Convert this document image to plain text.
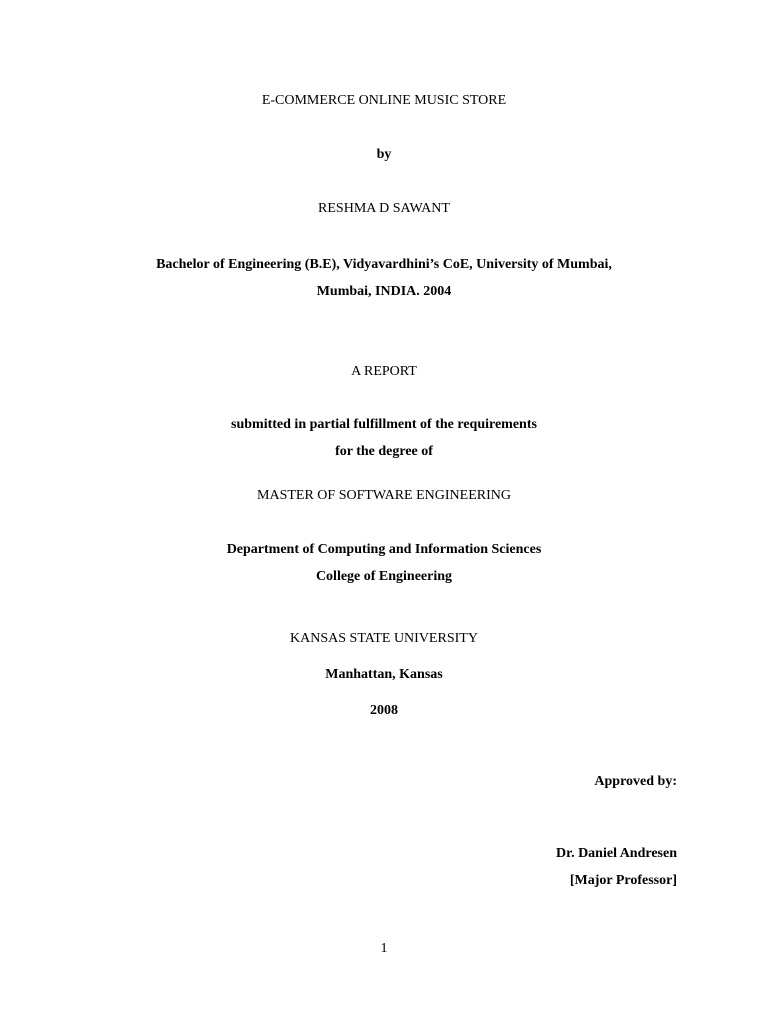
E-COMMERCE ONLINE MUSIC STORE

by

RESHMA D SAWANT

Bachelor of Engineering (B.E), Vidyavardhini’s CoE, University of Mumbai,

Mumbai, INDIA. 2004

A REPORT

submitted in partial fulfillment of the requirements

for the degree of

MASTER OF SOFTWARE ENGINEERING

Department of Computing and Information Sciences

College of Engineering

KANSAS STATE UNIVERSITY

Manhattan, Kansas

2008

Approved by:

Dr. Daniel Andresen

[Major Professor]

1
